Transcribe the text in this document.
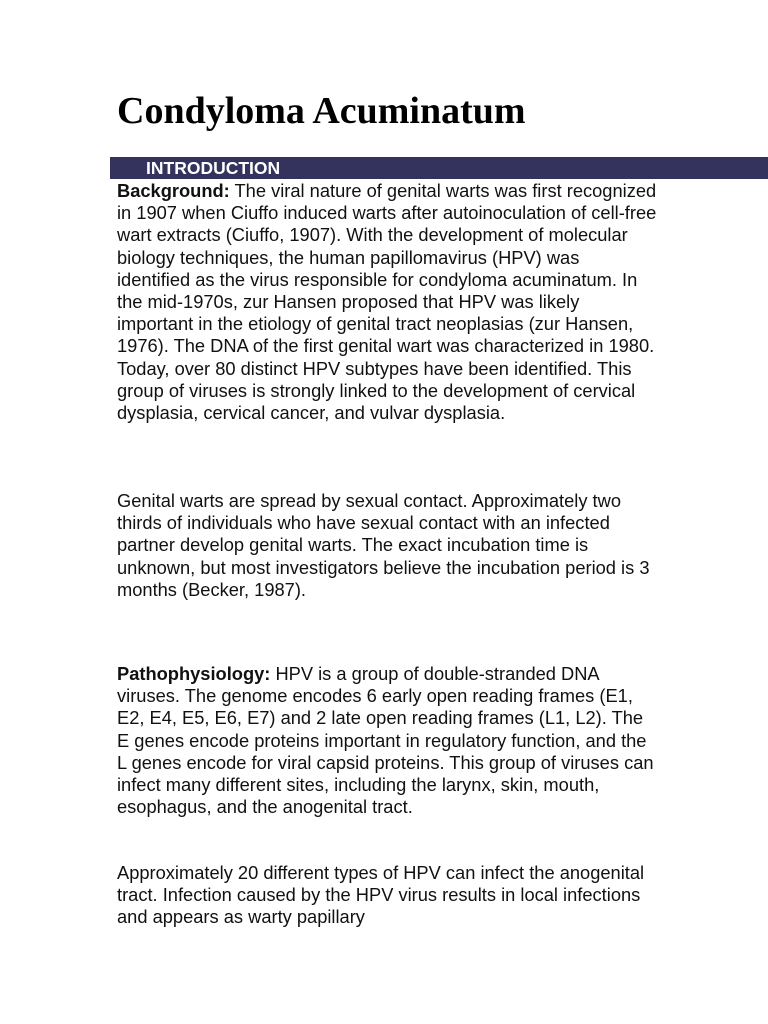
Condyloma Acuminatum
INTRODUCTION

Background: The viral nature of genital warts was first recognized in 1907 when Ciuffo induced warts after autoinoculation of cell-free wart extracts (Ciuffo, 1907). With the development of molecular biology techniques, the human papillomavirus (HPV) was identified as the virus responsible for condyloma acuminatum. In the mid-1970s, zur Hansen proposed that HPV was likely important in the etiology of genital tract neoplasias (zur Hansen, 1976). The DNA of the first genital wart was characterized in 1980. Today, over 80 distinct HPV subtypes have been identified. This group of viruses is strongly linked to the development of cervical dysplasia, cervical cancer, and vulvar dysplasia.

Genital warts are spread by sexual contact. Approximately two thirds of individuals who have sexual contact with an infected partner develop genital warts. The exact incubation time is unknown, but most investigators believe the incubation period is 3 months (Becker, 1987).

Pathophysiology: HPV is a group of double-stranded DNA viruses. The genome encodes 6 early open reading frames (E1, E2, E4, E5, E6, E7) and 2 late open reading frames (L1, L2). The E genes encode proteins important in regulatory function, and the L genes encode for viral capsid proteins. This group of viruses can infect many different sites, including the larynx, skin, mouth, esophagus, and the anogenital tract.

Approximately 20 different types of HPV can infect the anogenital tract. Infection caused by the HPV virus results in local infections and appears as warty papillary
